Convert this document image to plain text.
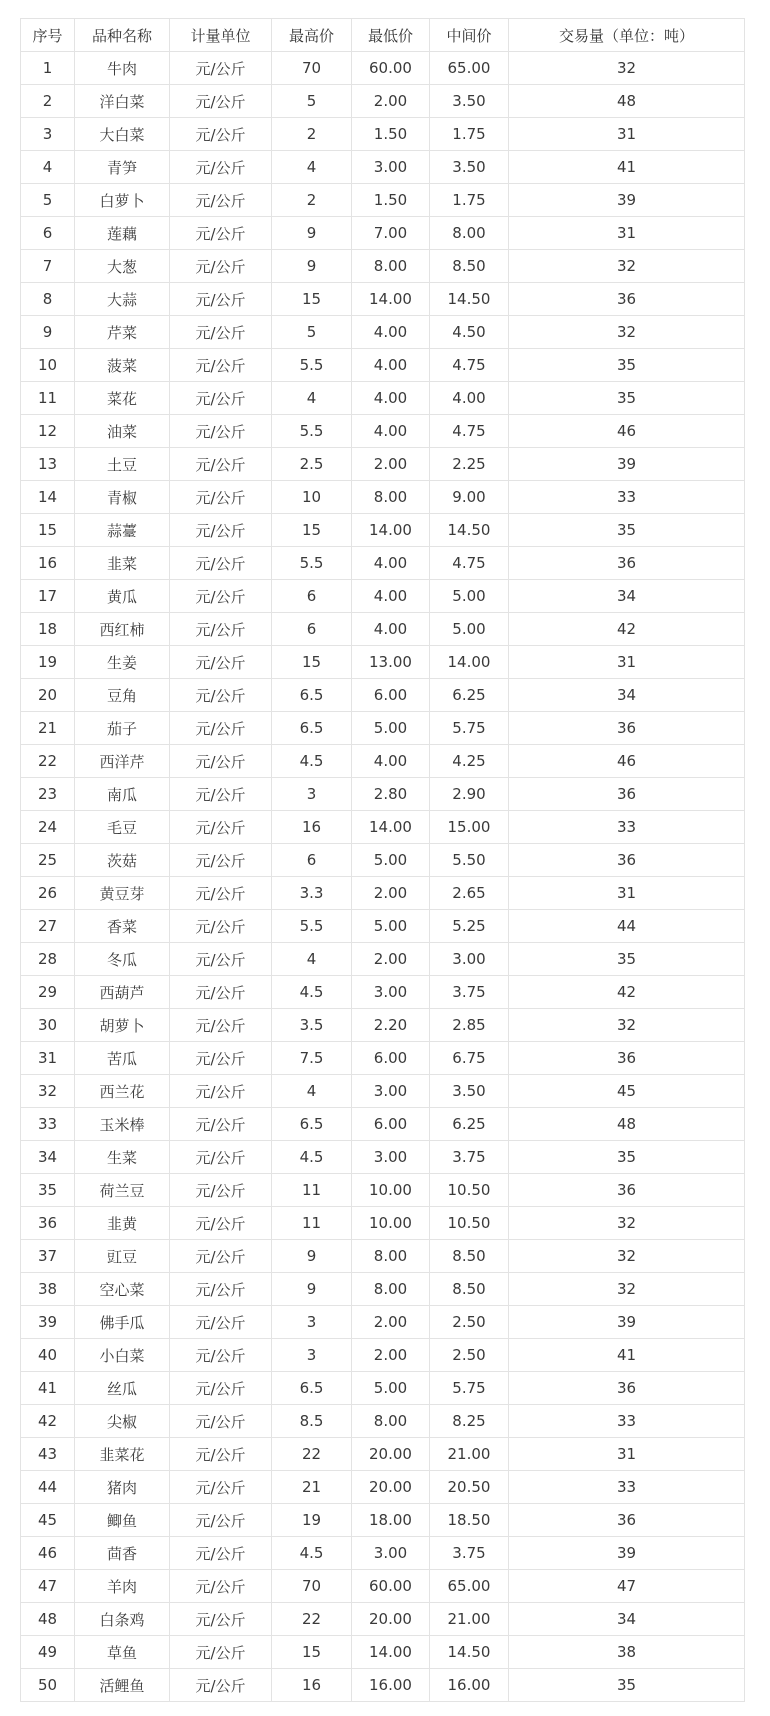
序号	品种名称	计量单位	最高价	最低价	中间价	交易量（单位：吨）
1	牛肉	元/公斤	70	60.00	65.00	32
2	洋白菜	元/公斤	5	2.00	3.50	48
3	大白菜	元/公斤	2	1.50	1.75	31
4	青笋	元/公斤	4	3.00	3.50	41
5	白萝卜	元/公斤	2	1.50	1.75	39
6	莲藕	元/公斤	9	7.00	8.00	31
7	大葱	元/公斤	9	8.00	8.50	32
8	大蒜	元/公斤	15	14.00	14.50	36
9	芹菜	元/公斤	5	4.00	4.50	32
10	菠菜	元/公斤	5.5	4.00	4.75	35
11	菜花	元/公斤	4	4.00	4.00	35
12	油菜	元/公斤	5.5	4.00	4.75	46
13	土豆	元/公斤	2.5	2.00	2.25	39
14	青椒	元/公斤	10	8.00	9.00	33
15	蒜薹	元/公斤	15	14.00	14.50	35
16	韭菜	元/公斤	5.5	4.00	4.75	36
17	黄瓜	元/公斤	6	4.00	5.00	34
18	西红柿	元/公斤	6	4.00	5.00	42
19	生姜	元/公斤	15	13.00	14.00	31
20	豆角	元/公斤	6.5	6.00	6.25	34
21	茄子	元/公斤	6.5	5.00	5.75	36
22	西洋芹	元/公斤	4.5	4.00	4.25	46
23	南瓜	元/公斤	3	2.80	2.90	36
24	毛豆	元/公斤	16	14.00	15.00	33
25	茨菇	元/公斤	6	5.00	5.50	36
26	黄豆芽	元/公斤	3.3	2.00	2.65	31
27	香菜	元/公斤	5.5	5.00	5.25	44
28	冬瓜	元/公斤	4	2.00	3.00	35
29	西葫芦	元/公斤	4.5	3.00	3.75	42
30	胡萝卜	元/公斤	3.5	2.20	2.85	32
31	苦瓜	元/公斤	7.5	6.00	6.75	36
32	西兰花	元/公斤	4	3.00	3.50	45
33	玉米棒	元/公斤	6.5	6.00	6.25	48
34	生菜	元/公斤	4.5	3.00	3.75	35
35	荷兰豆	元/公斤	11	10.00	10.50	36
36	韭黄	元/公斤	11	10.00	10.50	32
37	豇豆	元/公斤	9	8.00	8.50	32
38	空心菜	元/公斤	9	8.00	8.50	32
39	佛手瓜	元/公斤	3	2.00	2.50	39
40	小白菜	元/公斤	3	2.00	2.50	41
41	丝瓜	元/公斤	6.5	5.00	5.75	36
42	尖椒	元/公斤	8.5	8.00	8.25	33
43	韭菜花	元/公斤	22	20.00	21.00	31
44	猪肉	元/公斤	21	20.00	20.50	33
45	鲫鱼	元/公斤	19	18.00	18.50	36
46	茴香	元/公斤	4.5	3.00	3.75	39
47	羊肉	元/公斤	70	60.00	65.00	47
48	白条鸡	元/公斤	22	20.00	21.00	34
49	草鱼	元/公斤	15	14.00	14.50	38
50	活鲤鱼	元/公斤	16	16.00	16.00	35
